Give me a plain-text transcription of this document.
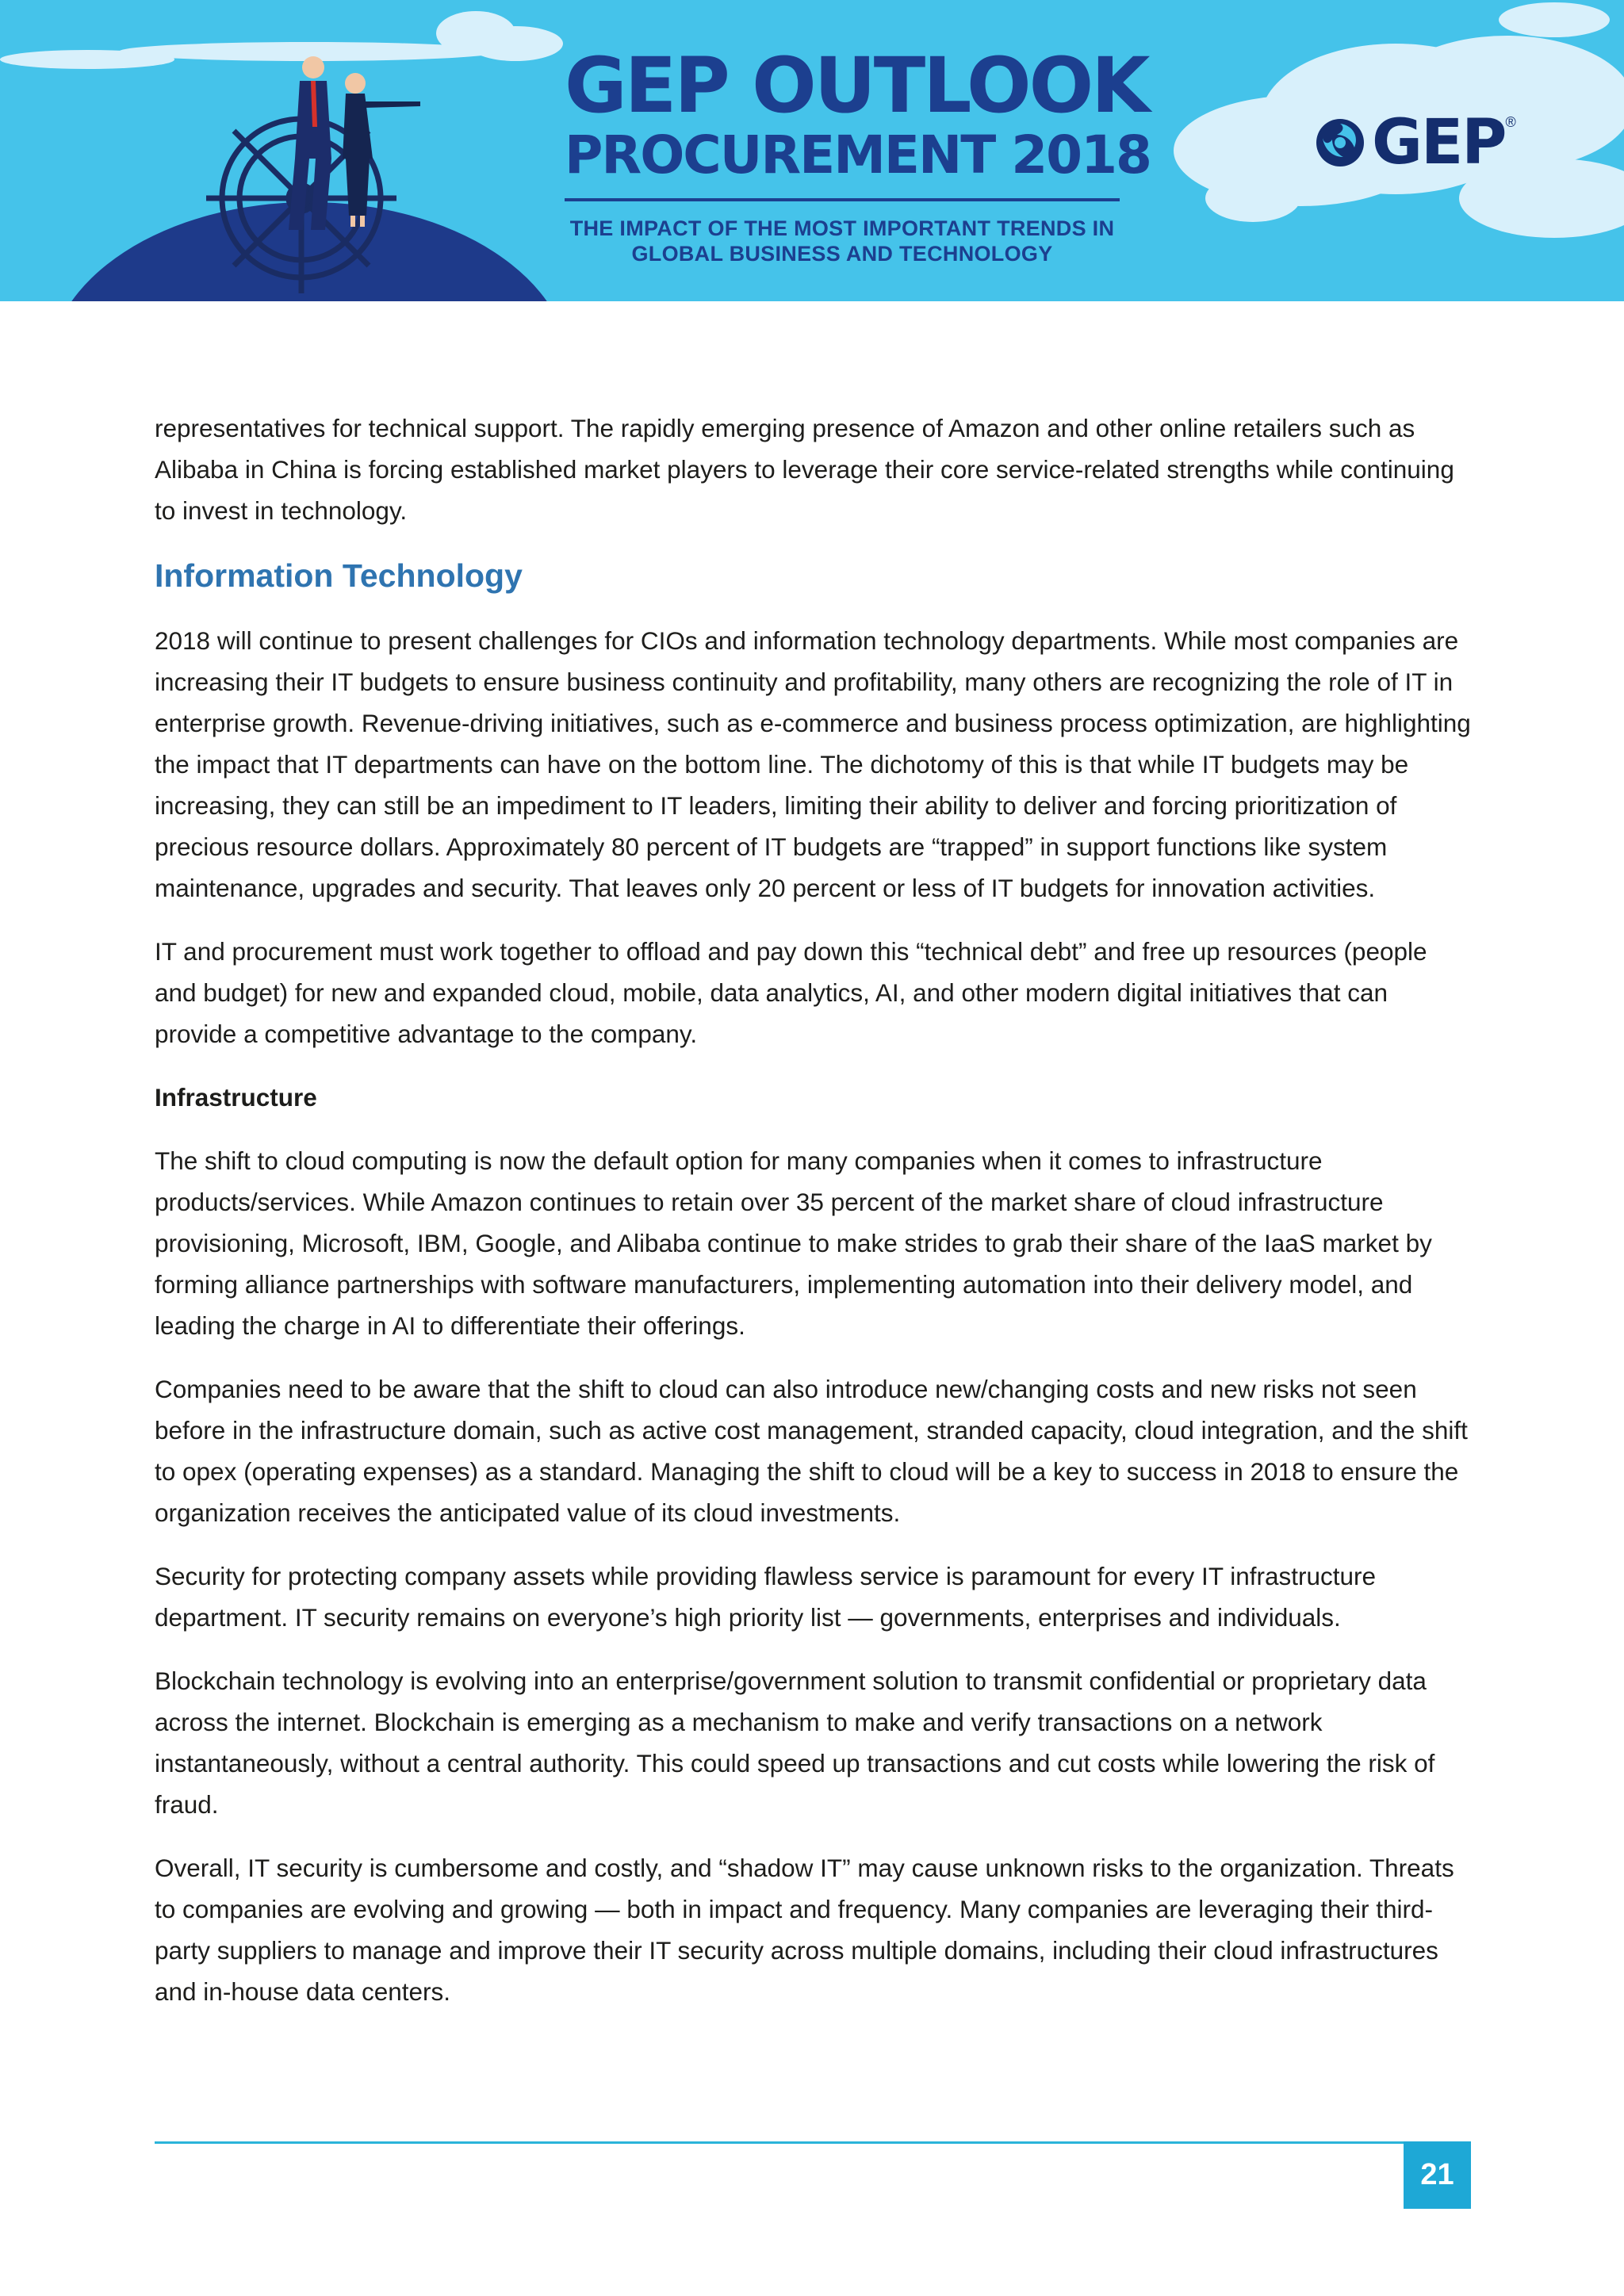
GEP OUTLOOK
PROCUREMENT 2018
THE IMPACT OF THE MOST IMPORTANT TRENDS IN
GLOBAL BUSINESS AND TECHNOLOGY
GEP ®

representatives for technical support. The rapidly emerging presence of Amazon and other online retailers such as Alibaba in China is forcing established market players to leverage their core service-related strengths while continuing to invest in technology.

Information Technology

2018 will continue to present challenges for CIOs and information technology departments. While most companies are increasing their IT budgets to ensure business continuity and profitability, many others are recognizing the role of IT in enterprise growth. Revenue-driving initiatives, such as e-commerce and business process optimization, are highlighting the impact that IT departments can have on the bottom line. The dichotomy of this is that while IT budgets may be increasing, they can still be an impediment to IT leaders, limiting their ability to deliver and forcing prioritization of precious resource dollars. Approximately 80 percent of IT budgets are “trapped” in support functions like system maintenance, upgrades and security. That leaves only 20 percent or less of IT budgets for innovation activities.

IT and procurement must work together to offload and pay down this “technical debt” and free up resources (people and budget) for new and expanded cloud, mobile, data analytics, AI, and other modern digital initiatives that can provide a competitive advantage to the company.

Infrastructure

The shift to cloud computing is now the default option for many companies when it comes to infrastructure products/services. While Amazon continues to retain over 35 percent of the market share of cloud infrastructure provisioning, Microsoft, IBM, Google, and Alibaba continue to make strides to grab their share of the IaaS market by forming alliance partnerships with software manufacturers, implementing automation into their delivery model, and leading the charge in AI to differentiate their offerings.

Companies need to be aware that the shift to cloud can also introduce new/changing costs and new risks not seen before in the infrastructure domain, such as active cost management, stranded capacity, cloud integration, and the shift to opex (operating expenses) as a standard. Managing the shift to cloud will be a key to success in 2018 to ensure the organization receives the anticipated value of its cloud investments.

Security for protecting company assets while providing flawless service is paramount for every IT infrastructure department. IT security remains on everyone’s high priority list — governments, enterprises and individuals.

Blockchain technology is evolving into an enterprise/government solution to transmit confidential or proprietary data across the internet. Blockchain is emerging as a mechanism to make and verify transactions on a network instantaneously, without a central authority. This could speed up transactions and cut costs while lowering the risk of fraud.

Overall, IT security is cumbersome and costly, and “shadow IT” may cause unknown risks to the organization. Threats to companies are evolving and growing — both in impact and frequency. Many companies are leveraging their third-party suppliers to manage and improve their IT security across multiple domains, including their cloud infrastructures and in-house data centers.

21
